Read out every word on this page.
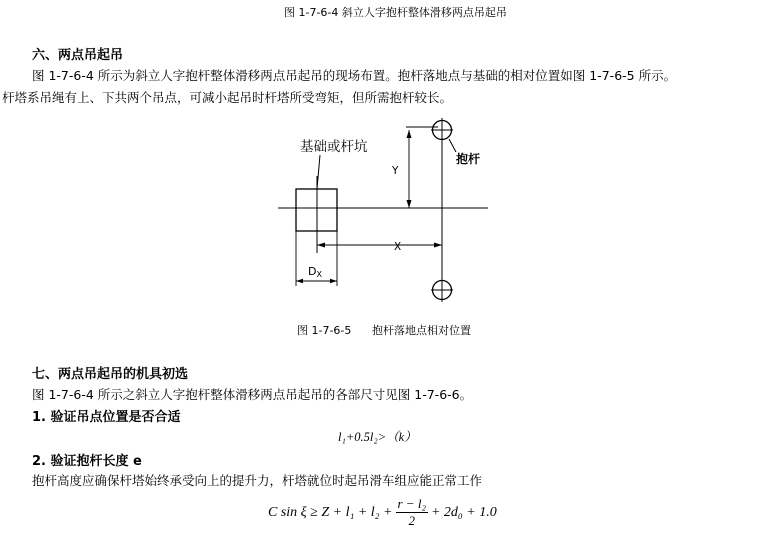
图 1-7-6-4 斜立人字抱杆整体滑移两点吊起吊
六、两点吊起吊
图 1-7-6-4 所示为斜立人字抱杆整体滑移两点吊起吊的现场布置。抱杆落地点与基础的相对位置如图 1-7-6-5 所示。
杆塔系吊绳有上、下共两个吊点，可减小起吊时杆塔所受弯矩，但所需抱杆较长。
基础或杆坑
抱杆
Y
X
DX
图 1-7-6-5 抱杆落地点相对位置
七、两点吊起吊的机具初选
图 1-7-6-4 所示之斜立人字抱杆整体滑移两点吊起吊的各部尺寸见图 1-7-6-6。
1. 验证吊点位置是否合适
l₁+0.5l₂>（k）
2. 验证抱杆长度 e
抱杆高度应确保杆塔始终承受向上的提升力，杆塔就位时起吊滑车组应能正常工作
C $\sin \xi \ge Z + l_1 + l_2 + \frac{\text{r − l₂}}{2} + 2d_0 + 1.0$
